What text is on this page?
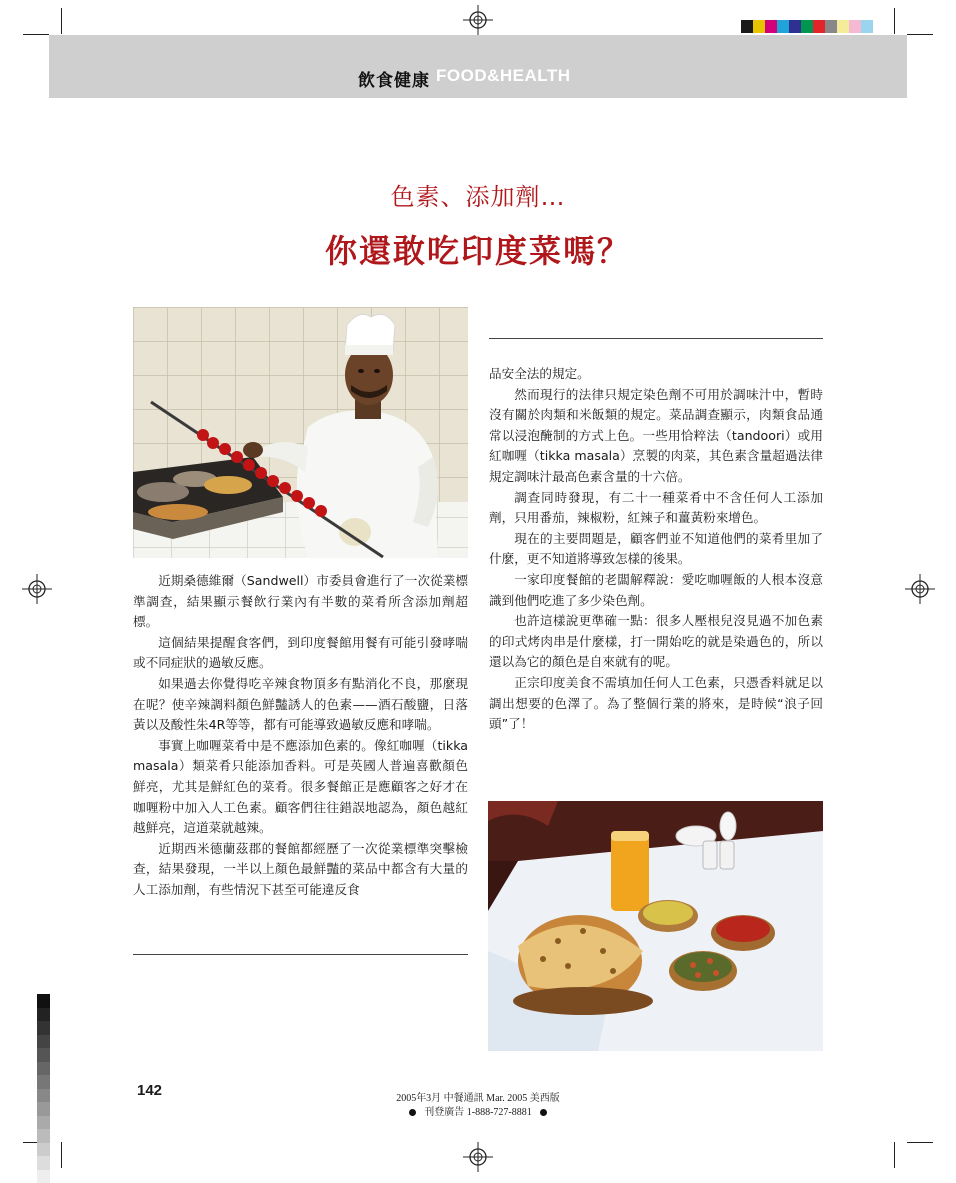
飲食健康 FOOD&HEALTH
色素、添加劑…
你還敢吃印度菜嗎？

近期桑德維爾（Sandwell）市委員會進行了一次從業標準調查，結果顯示餐飲行業內有半數的菜肴所含添加劑超標。

這個結果提醒食客們，到印度餐館用餐有可能引發哮喘或不同症狀的過敏反應。

如果過去你覺得吃辛辣食物頂多有點消化不良，那麼現在呢？使辛辣調料顏色鮮豔誘人的色素——酒石酸鹽，日落黃以及酸性朱4R等等，都有可能導致過敏反應和哮喘。

事實上咖喱菜肴中是不應添加色素的。像紅咖喱（tikka masala）類菜肴只能添加香料。可是英國人普遍喜歡顏色鮮亮，尤其是鮮紅色的菜肴。很多餐館正是應顧客之好才在咖喱粉中加入人工色素。顧客們往往錯誤地認為，顏色越紅越鮮亮，這道菜就越辣。

近期西米德蘭茲郡的餐館都經歷了一次從業標準突擊檢查，結果發現，一半以上顏色最鮮豔的菜品中都含有大量的人工添加劑，有些情況下甚至可能違反食

品安全法的規定。

然而現行的法律只規定染色劑不可用於調味汁中，暫時沒有關於肉類和米飯類的規定。菜品調查顯示，肉類食品通常以浸泡醃制的方式上色。一些用恰粹法（tandoori）或用紅咖喱（tikka masala）烹製的肉菜，其色素含量超過法律規定調味汁最高色素含量的十六倍。

調查同時發現，有二十一種菜肴中不含任何人工添加劑，只用番茄，辣椒粉，紅辣子和薑黃粉來增色。

現在的主要問題是，顧客們並不知道他們的菜肴里加了什麼，更不知道將導致怎樣的後果。

一家印度餐館的老闆解釋說：愛吃咖喱飯的人根本沒意識到他們吃進了多少染色劑。

也許這樣說更準確一點：很多人壓根兒沒見過不加色素的印式烤肉串是什麼樣，打一開始吃的就是染過色的，所以還以為它的顏色是自來就有的呢。

正宗印度美食不需填加任何人工色素，只憑香料就足以調出想要的色澤了。為了整個行業的將來，是時候“浪子回頭”了！

142	2005年3月 中餐通訊 Mar. 2005 美西版
刊登廣告 1-888-727-8881
